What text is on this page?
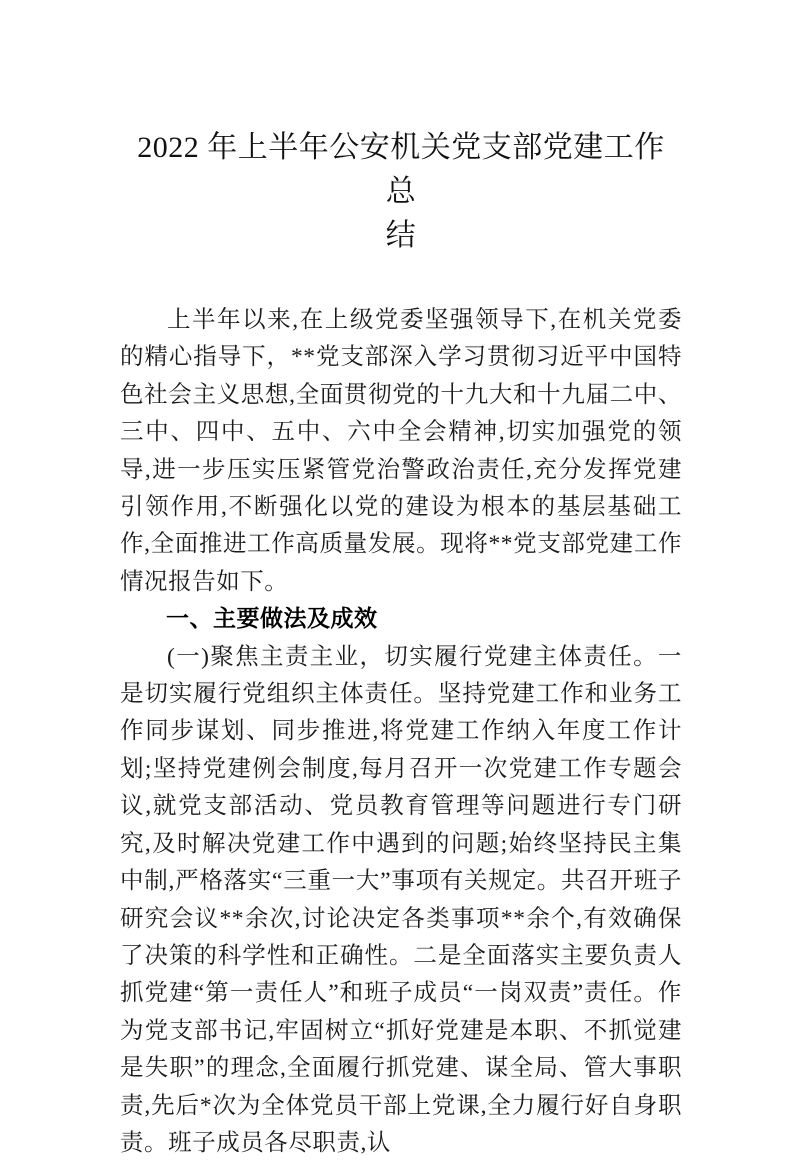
2022 年上半年公安机关党支部党建工作总
结

上半年以来,在上级党委坚强领导下,在机关党委的精心指导下，**党支部深入学习贯彻习近平中国特色社会主义思想,全面贯彻党的十九大和十九届二中、三中、四中、五中、六中全会精神,切实加强党的领导,进一步压实压紧管党治警政治责任,充分发挥党建引领作用,不断强化以党的建设为根本的基层基础工作,全面推进工作高质量发展。现将**党支部党建工作情况报告如下。

一、主要做法及成效

(一)聚焦主责主业，切实履行党建主体责任。一是切实履行党组织主体责任。坚持党建工作和业务工作同步谋划、同步推进,将党建工作纳入年度工作计划;坚持党建例会制度,每月召开一次党建工作专题会议,就党支部活动、党员教育管理等问题进行专门研究,及时解决党建工作中遇到的问题;始终坚持民主集中制,严格落实“三重一大”事项有关规定。共召开班子研究会议**余次,讨论决定各类事项**余个,有效确保了决策的科学性和正确性。二是全面落实主要负责人抓党建“第一责任人”和班子成员“一岗双责”责任。作为党支部书记,牢固树立“抓好党建是本职、不抓觉建是失职”的理念,全面履行抓党建、谋全局、管大事职责,先后*次为全体党员干部上党课,全力履行好自身职责。班子成员各尽职责,认
